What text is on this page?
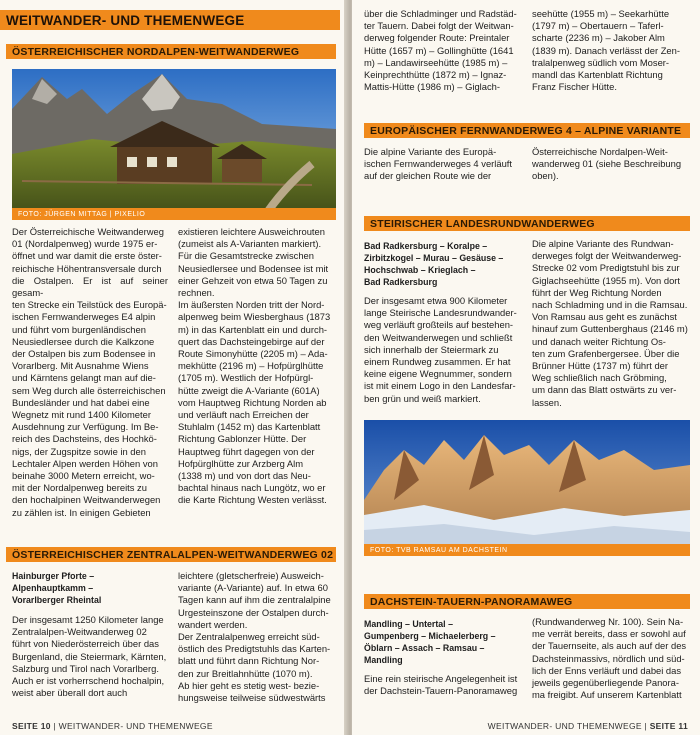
WEITWANDER- UND THEMENWEGE
ÖSTERREICHISCHER NORDALPEN-WEITWANDERWEG
FOTO: JÜRGEN MITTAG | PIXELIO
Der Österreichische Weitwanderweg
01 (Nordalpenweg) wurde 1975 er-
öffnet und war damit die erste öster-
reichische Höhentransversale durch
die Ostalpen. Er ist auf seiner gesam-
ten Strecke ein Teilstück des Europä-
ischen Fernwanderweges E4 alpin
und führt vom burgenländischen
Neusiedlersee durch die Kalkzone
der Ostalpen bis zum Bodensee in
Vorarlberg. Mit Ausnahme Wiens
und Kärntens gelangt man auf die-
sem Weg durch alle österreichischen
Bundesländer und hat dabei eine
Wegnetz mit rund 1400 Kilometer
Ausdehnung zur Verfügung. Im Be-
reich des Dachsteins, des Hochkö-
nigs, der Zugspitze sowie in den
Lechtaler Alpen werden Höhen von
beinahe 3000 Metern erreicht, wo-
mit der Nordalpenweg bereits zu
den hochalpinen Weitwanderwegen
zu zählen ist. In einigen Gebieten
existieren leichtere Ausweichrouten
(zumeist als A-Varianten markiert).
Für die Gesamtstrecke zwischen
Neusiedlersee und Bodensee ist mit
einer Gehzeit von etwa 50 Tagen zu
rechnen.
Im äußersten Norden tritt der Nord-
alpenweg beim Wiesberghaus (1873
m) in das Kartenblatt ein und durch-
quert das Dachsteingebirge auf der
Route Simonyhütte (2205 m) – Ada-
mekhütte (2196 m) – Hofpürglhütte
(1705 m). Westlich der Hofpürgl-
hütte zweigt die A-Variante (601A)
vom Hauptweg Richtung Norden ab
und verläuft nach Erreichen der
Stuhlalm (1452 m) das Kartenblatt
Richtung Gablonzer Hütte. Der
Hauptweg führt dagegen von der
Hofpürglhütte zur Arzberg Alm
(1338 m) und von dort das Neu-
bachtal hinaus nach Lungötz, wo er
die Karte Richtung Westen verlässt.
ÖSTERREICHISCHER ZENTRALALPEN-WEITWANDERWEG 02
Hainburger Pforte –
Alpenhauptkamm –
Vorarlberger Rheintal
Der insgesamt 1250 Kilometer lange
Zentralalpen-Weitwanderweg 02
führt von Niederösterreich über das
Burgenland, die Steiermark, Kärnten,
Salzburg und Tirol nach Vorarlberg.
Auch er ist vorherrschend hochalpin,
weist aber überall dort auch
leichtere (gletscherfreie) Ausweich-
variante (A-Variante) auf. In etwa 60
Tagen kann auf ihm die zentralalpine
Urgesteinszone der Ostalpen durch-
wandert werden.
Der Zentralalpenweg erreicht süd-
östlich des Predigtstuhls das Karten-
blatt und führt dann Richtung Nor-
den zur Breitlahnhütte (1070 m).
Ab hier geht es stetig west- bezie-
hungsweise teilweise südwestwärts
SEITE 10 | WEITWANDER- UND THEMENWEGE
über die Schladminger und Radstäd-
ter Tauern. Dabei folgt der Weitwan-
derweg folgender Route: Preintaler
Hütte (1657 m) – Gollinghütte (1641
m) – Landawirseehütte (1985 m) –
Keinprechthütte (1872 m) – Ignaz-
Mattis-Hütte (1986 m) – Giglach-
seehütte (1955 m) – Seekarhütte
(1797 m) – Obertauern – Taferl-
scharte (2236 m) – Jakober Alm
(1839 m). Danach verlässt der Zen-
tralalpenweg südlich vom Moser-
mandl das Kartenblatt Richtung
Franz Fischer Hütte.
EUROPÄISCHER FERNWANDERWEG 4 – ALPINE VARIANTE
Die alpine Variante des Europä-
ischen Fernwanderweges 4 verläuft
auf der gleichen Route wie der
Österreichische Nordalpen-Weit-
wanderweg 01 (siehe Beschreibung
oben).
STEIRISCHER LANDESRUNDWANDERWEG
Bad Radkersburg – Koralpe –
Zirbitzkogel – Murau – Gesäuse –
Hochschwab – Krieglach –
Bad Radkersburg
Der insgesamt etwa 900 Kilometer
lange Steirische Landesrundwander-
weg verläuft großteils auf bestehen-
den Weitwanderwegen und schließt
sich innerhalb der Steiermark zu
einem Rundweg zusammen. Er hat
keine eigene Wegnummer, sondern
ist mit einem Logo in den Landesfar-
ben grün und weiß markiert.
Die alpine Variante des Rundwan-
derweges folgt der Weitwanderweg-
Strecke 02 vom Predigtstuhl bis zur
Giglachseehütte (1955 m). Von dort
führt der Weg Richtung Norden
nach Schladming und in die Ramsau.
Von Ramsau aus geht es zunächst
hinauf zum Guttenberghaus (2146 m)
und danach weiter Richtung Os-
ten zum Grafenbergersee. Über die
Brünner Hütte (1737 m) führt der
Weg schließlich nach Gröbming,
um dann das Blatt ostwärts zu ver-
lassen.
FOTO: TVB RAMSAU AM DACHSTEIN
DACHSTEIN-TAUERN-PANORAMAWEG
Mandling – Untertal –
Gumpenberg – Michaelerberg –
Öblarn – Assach – Ramsau –
Mandling
Eine rein steirische Angelegenheit ist
der Dachstein-Tauern-Panoramaweg
(Rundwanderweg Nr. 100). Sein Na-
me verrät bereits, dass er sowohl auf
der Tauernseite, als auch auf der des
Dachsteinmassivs, nördlich und süd-
lich der Enns verläuft und dabei das
jeweils gegenüberliegende Panora-
ma freigibt. Auf unserem Kartenblatt
WEITWANDER- UND THEMENWEGE | SEITE 11
